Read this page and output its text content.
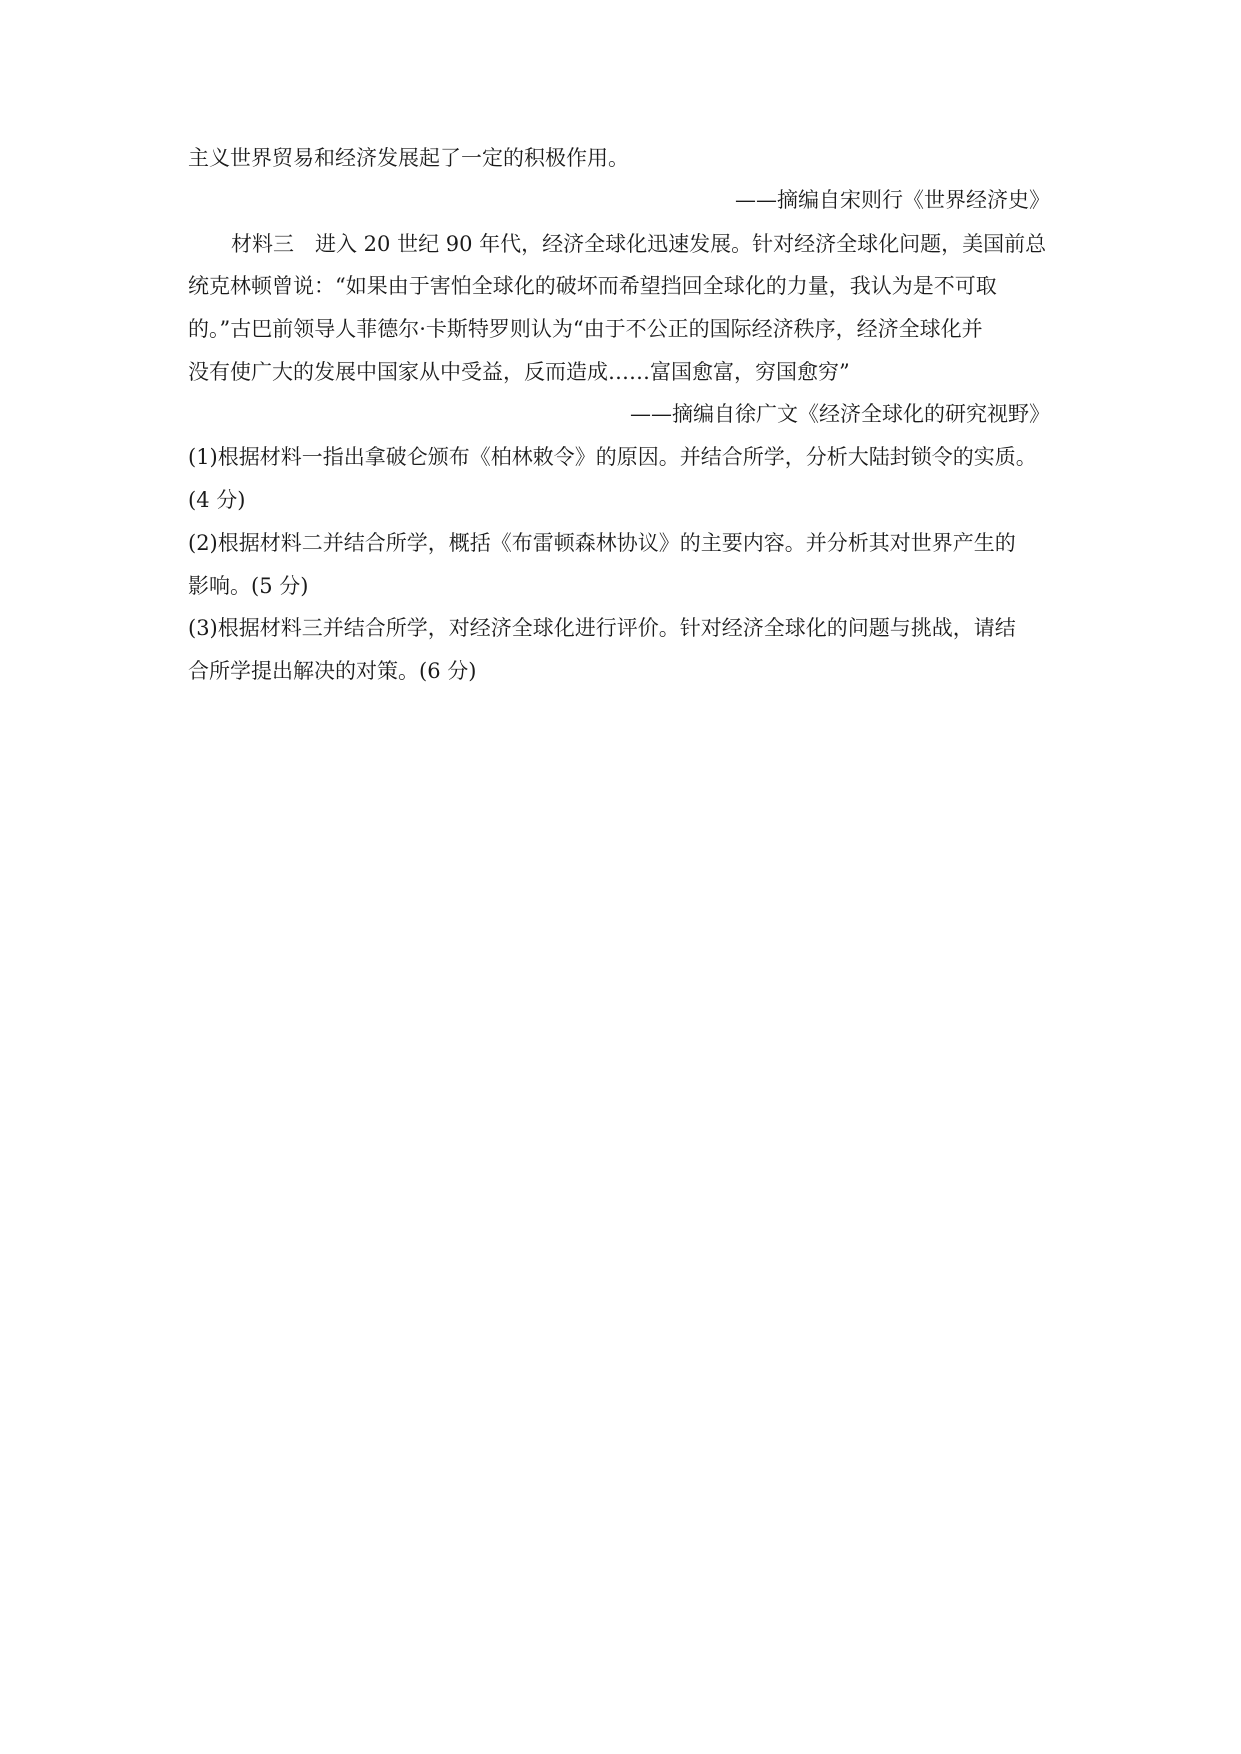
主义世界贸易和经济发展起了一定的积极作用。
——摘编自宋则行《世界经济史》
材料三　进入 20 世纪 90 年代，经济全球化迅速发展。针对经济全球化问题，美国前总
统克林顿曾说：“如果由于害怕全球化的破坏而希望挡回全球化的力量，我认为是不可取
的。”古巴前领导人菲德尔·卡斯特罗则认为“由于不公正的国际经济秩序，经济全球化并
没有使广大的发展中国家从中受益，反而造成……富国愈富，穷国愈穷”
——摘编自徐广文《经济全球化的研究视野》
(1)根据材料一指出拿破仑颁布《柏林敕令》的原因。并结合所学，分析大陆封锁令的实质。
(4 分)
(2)根据材料二并结合所学，概括《布雷顿森林协议》的主要内容。并分析其对世界产生的
影响。(5 分)
(3)根据材料三并结合所学，对经济全球化进行评价。针对经济全球化的问题与挑战，请结
合所学提出解决的对策。(6 分)
